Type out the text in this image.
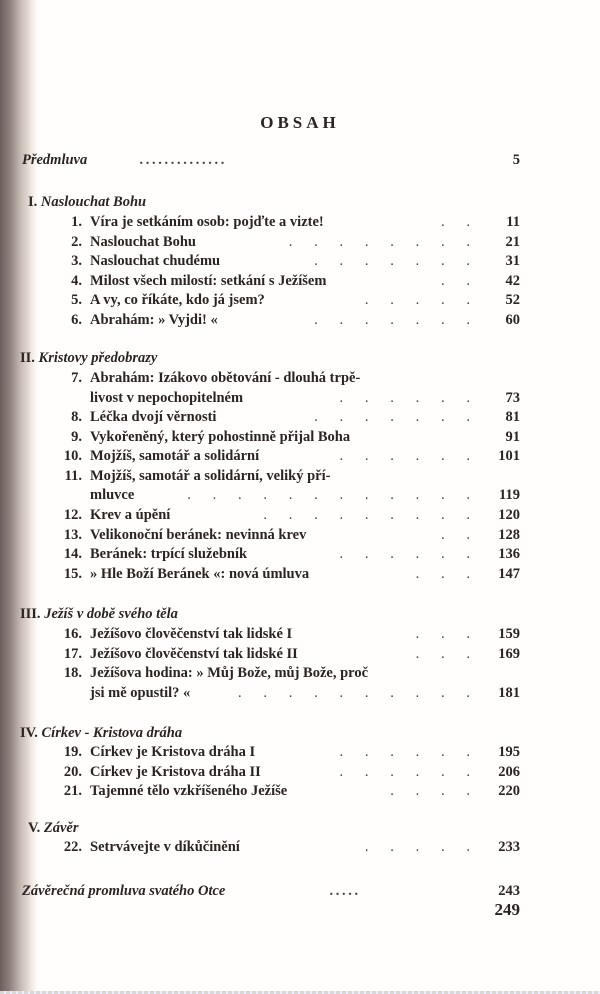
OBSAH
Předmluva	. . . . . . . . . . . . . .	5
I. Naslouchat Bohu
II. Kristovy předobrazy
III. Ježíš v době svého těla
IV. Církev - Kristova dráha
V. Závěr
Závěrečná promluva svatého Otce	. . . . .	243
1. Víra je setkáním osob: pojďte a vizte!	.   .	11
2. Naslouchat Bohu	.   .   .   .   .   .   .   .	21
3. Naslouchat chudému	.   .   .   .   .   .   .	31
4. Milost všech milostí: setkání s Ježíšem	.   .	42
5. A vy, co říkáte, kdo já jsem?	.   .   .   .   .	52
6. Abrahám: » Vyjdi! «	.   .   .   .   .   .   .	60
7. Abrahám: Izákovo obětování - dlouhá trpě-
livost v nepochopitelném	.   .   .   .   .   .	73
8. Léčka dvojí věrnosti	.   .   .   .   .   .   .	81
9. Vykořeněný, který pohostinně přijal Boha	91
10. Mojžíš, samotář a solidární	.   .   .   .   .   .	101
11. Mojžíš, samotář a solidární, veliký pří-
mluvce	.   .   .   .   .   .   .   .   .   .   .   .	119
12. Krev a úpění	.   .   .   .   .   .   .   .   .	120
13. Velikonoční beránek: nevinná krev	.   .	128
14. Beránek: trpící služebník	.   .   .   .   .   .	136
15. » Hle Boží Beránek «: nová úmluva	.   .   .	147
16. Ježíšovo člověčenství tak lidské I	.   .   .	159
17. Ježíšovo člověčenství tak lidské II	.   .   .	169
18. Ježíšova hodina: » Můj Bože, můj Bože, proč
jsi mě opustil? «	.   .   .   .   .   .   .   .   .   .	181
19. Církev je Kristova dráha I	.   .   .   .   .   .	195
20. Církev je Kristova dráha II	.   .   .   .   .   .	206
21. Tajemné tělo vzkříšeného Ježíše	.   .   .   .	220
22. Setrvávejte v díkůčinění	.   .   .   .   .	233
249
